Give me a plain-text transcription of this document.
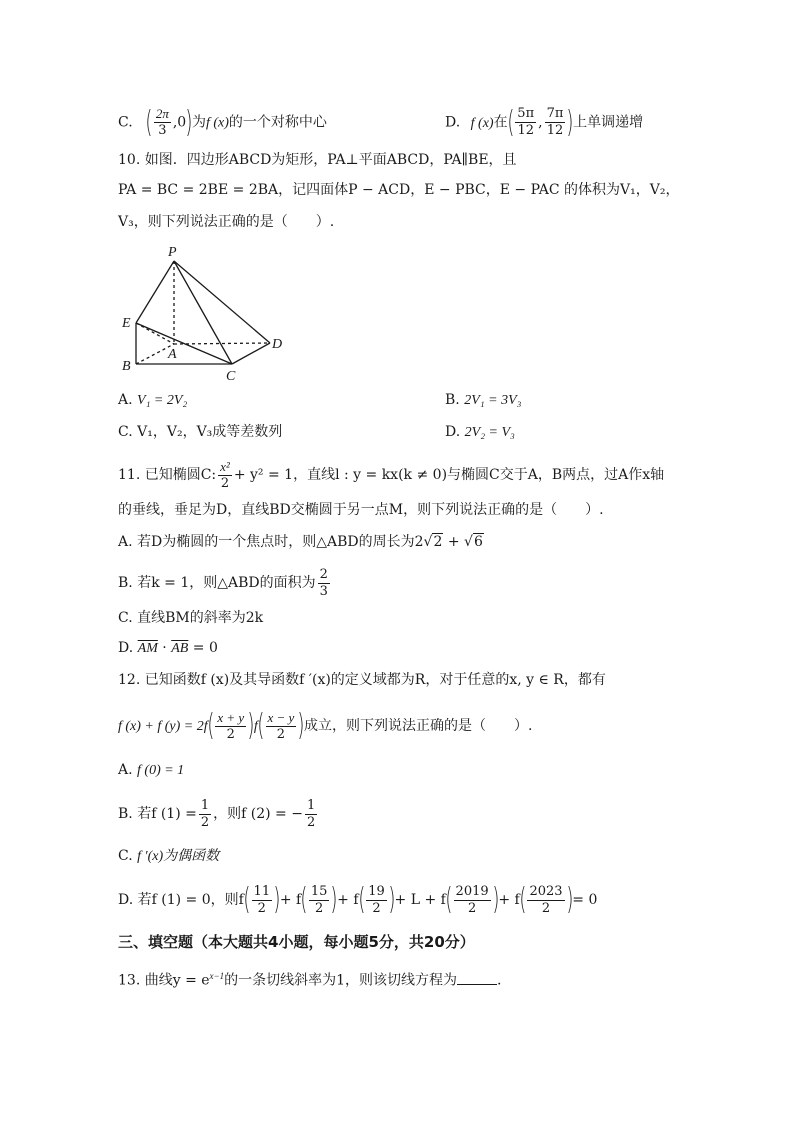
C. ( $\frac{2\pi}{3} ,0$)为f (x)的一个对称中心	D. f (x)在( $\frac{5\pi}{12}$ , $\frac{7\pi}{12}$ )上单调递增
10. 如图．四边形ABCD为矩形，PA⊥平面ABCD，PA∥BE，且
PA = BC = 2BE = 2BA，记四面体P − ACD，E − PBC，E − PAC 的体积为V₁，V₂，
V₃，则下列说法正确的是（　　）.
P
E
A
D
B
C
A. V₁ = 2V₂	B. 2V₁ = 3V₃
C. V₁，V₂，V₃成等差数列	D. 2V₂ = V₃
11. 已知椭圆C: $\frac{\text{x²}}{2} + y^2 = 1$，直线l : y = kx(k ≠ 0)与椭圆C交于A，B两点，过A作x轴
的垂线，垂足为D，直线BD交椭圆于另一点M，则下列说法正确的是（　　）.
A. 若D为椭圆的一个焦点时，则△ABD的周长为2√2 + √6
B. 若k = 1，则△ABD的面积为 $\frac{2}{3}$
C. 直线BM的斜率为2k
D. $\overline{AM} \cdot \overline{AB} = 0$
12. 已知函数f (x)及其导函数f ′(x)的定义域都为R，对于任意的x, y ∈ R，都有
f (x) + f $(y) = 2f( \frac{x + y}{2} )f( \frac{x - y}{2}$ )成立，则下列说法正确的是（　　）.
A. f (0) = 1
B. 若f $(1) = \frac{1}{2}$ ，则f (2) = − $\frac{1}{2}$
C. f ′(x)为偶函数
D. 若f (1) = 0，则$f( \frac{11}{2}$ )+ $f( \frac{15}{2}$ )+ $f( \frac{19}{2}$ )+ $L + f( \frac{2019}{2}$ )+ $f( \frac{2023}{2}$ )= 0
三、填空题（本大题共4小题，每小题5分，共20分）
13. 曲线$y = e^{x-1}$的一条切线斜率为1，则该切线方程为	.
